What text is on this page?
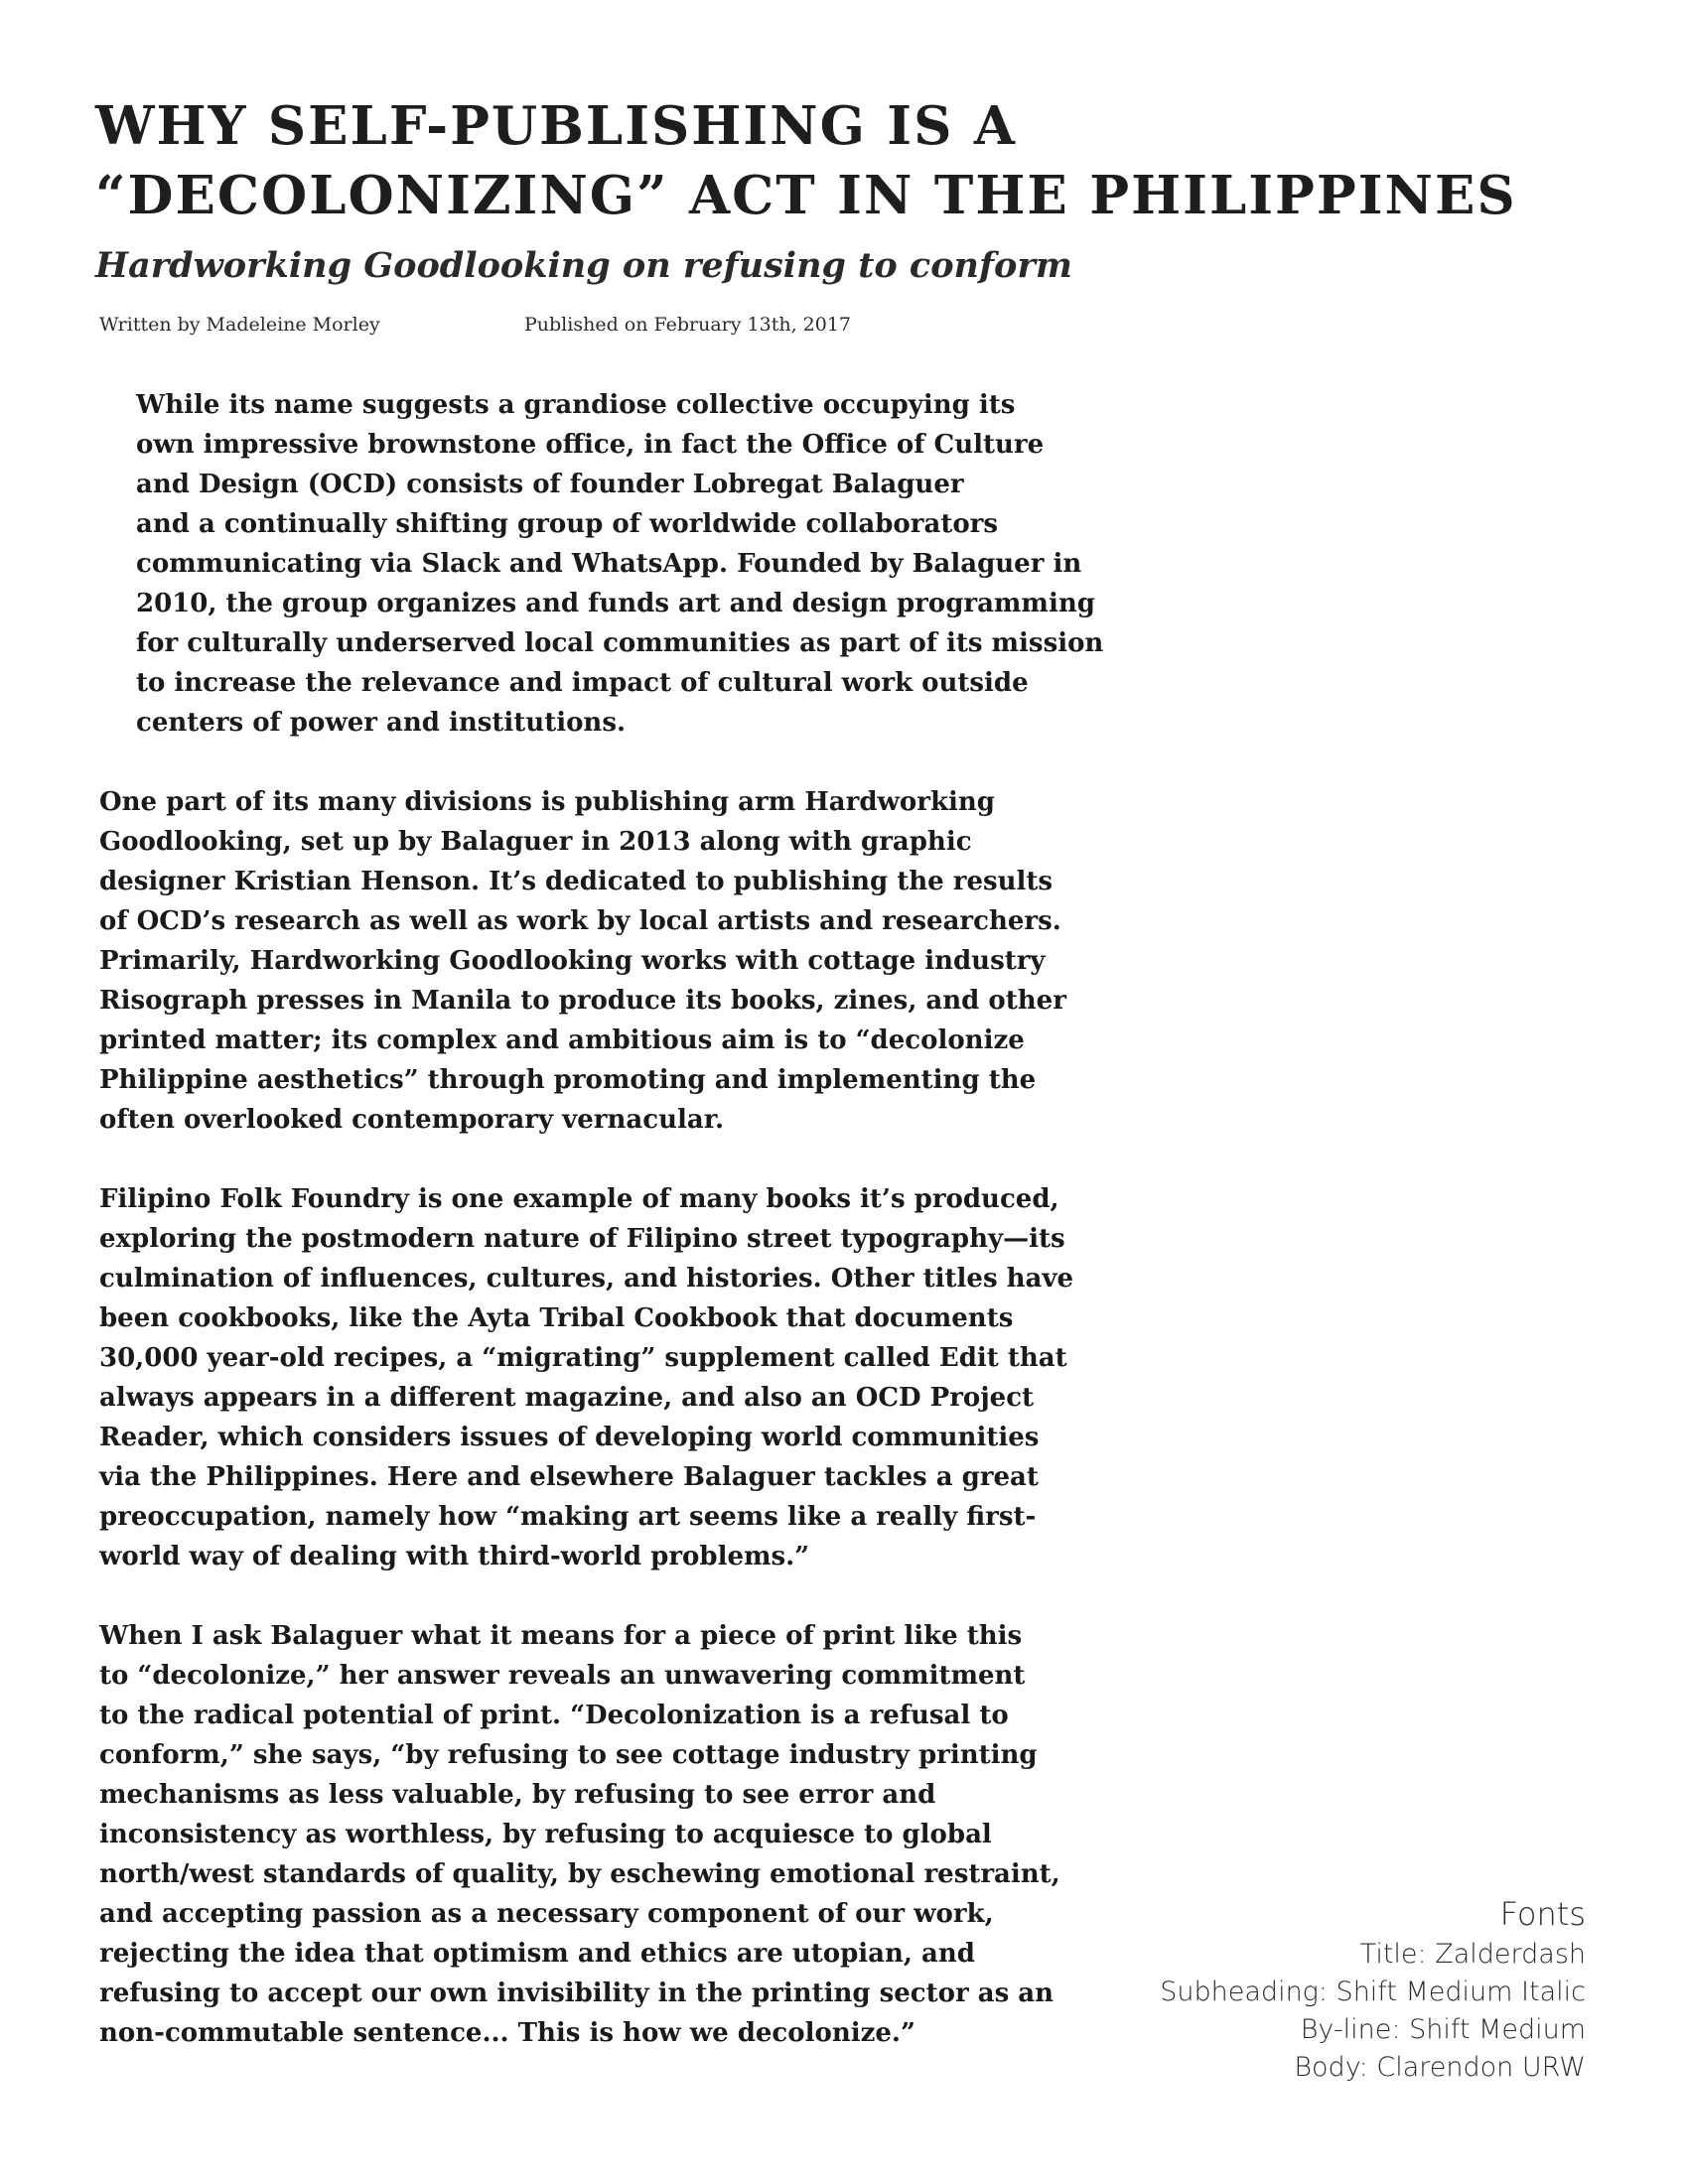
WHY SELF-PUBLISHING IS A
“DECOLONIZING” ACT IN THE PHILIPPINES
Hardworking Goodlooking on refusing to conform
Written by Madeleine Morley	Published on February 13th, 2017

While its name suggests a grandiose collective occupying its
own impressive brownstone office, in fact the Office of Culture
and Design (OCD) consists of founder Lobregat Balaguer
and a continually shifting group of worldwide collaborators
communicating via Slack and WhatsApp. Founded by Balaguer in
2010, the group organizes and funds art and design programming
for culturally underserved local communities as part of its mission
to increase the relevance and impact of cultural work outside
centers of power and institutions.

One part of its many divisions is publishing arm Hardworking
Goodlooking, set up by Balaguer in 2013 along with graphic
designer Kristian Henson. It’s dedicated to publishing the results
of OCD’s research as well as work by local artists and researchers.
Primarily, Hardworking Goodlooking works with cottage industry
Risograph presses in Manila to produce its books, zines, and other
printed matter; its complex and ambitious aim is to “decolonize
Philippine aesthetics” through promoting and implementing the
often overlooked contemporary vernacular.

Filipino Folk Foundry is one example of many books it’s produced,
exploring the postmodern nature of Filipino street typography—its
culmination of influences, cultures, and histories. Other titles have
been cookbooks, like the Ayta Tribal Cookbook that documents
30,000 year-old recipes, a “migrating” supplement called Edit that
always appears in a different magazine, and also an OCD Project
Reader, which considers issues of developing world communities
via the Philippines. Here and elsewhere Balaguer tackles a great
preoccupation, namely how “making art seems like a really first-
world way of dealing with third-world problems.”

When I ask Balaguer what it means for a piece of print like this
to “decolonize,” her answer reveals an unwavering commitment
to the radical potential of print. “Decolonization is a refusal to
conform,” she says, “by refusing to see cottage industry printing
mechanisms as less valuable, by refusing to see error and
inconsistency as worthless, by refusing to acquiesce to global
north/west standards of quality, by eschewing emotional restraint,
and accepting passion as a necessary component of our work,
rejecting the idea that optimism and ethics are utopian, and
refusing to accept our own invisibility in the printing sector as an
non-commutable sentence... This is how we decolonize.”

Fonts
Title: Zalderdash
Subheading: Shift Medium Italic
By-line: Shift Medium
Body: Clarendon URW
